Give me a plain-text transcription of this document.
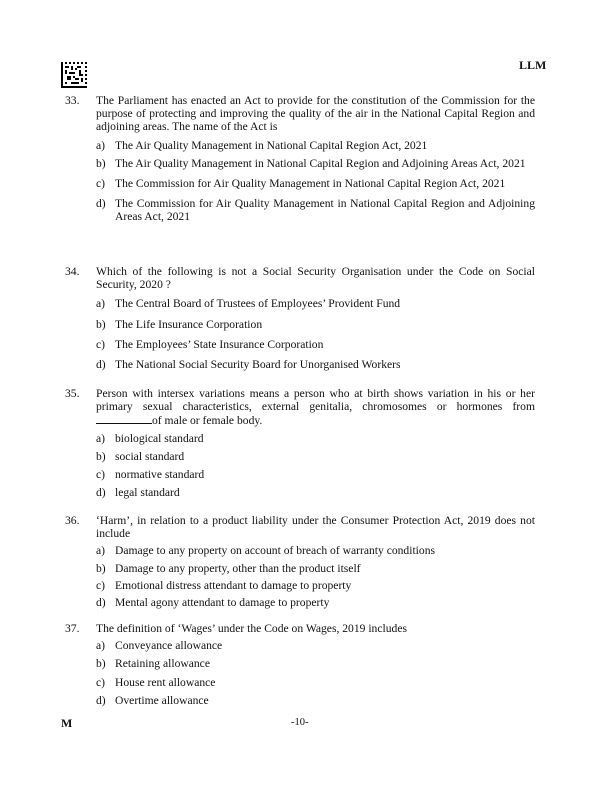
LLM
33. The Parliament has enacted an Act to provide for the constitution of the Commission for the purpose of protecting and improving the quality of the air in the National Capital Region and adjoining areas. The name of the Act is
a) The Air Quality Management in National Capital Region Act, 2021
b) The Air Quality Management in National Capital Region and Adjoining Areas Act, 2021
c) The Commission for Air Quality Management in National Capital Region Act, 2021
d) The Commission for Air Quality Management in National Capital Region and Adjoining Areas Act, 2021
34. Which of the following is not a Social Security Organisation under the Code on Social Security, 2020 ?
a) The Central Board of Trustees of Employees’ Provident Fund
b) The Life Insurance Corporation
c) The Employees’ State Insurance Corporation
d) The National Social Security Board for Unorganised Workers
35. Person with intersex variations means a person who at birth shows variation in his or her primary sexual characteristics, external genitalia, chromosomes or hormones from of male or female body.
a) biological standard
b) social standard
c) normative standard
d) legal standard
36. ‘Harm’, in relation to a product liability under the Consumer Protection Act, 2019 does not include
a) Damage to any property on account of breach of warranty conditions
b) Damage to any property, other than the product itself
c) Emotional distress attendant to damage to property
d) Mental agony attendant to damage to property
37. The definition of ‘Wages’ under the Code on Wages, 2019 includes
a) Conveyance allowance
b) Retaining allowance
c) House rent allowance
d) Overtime allowance
M	-10-
